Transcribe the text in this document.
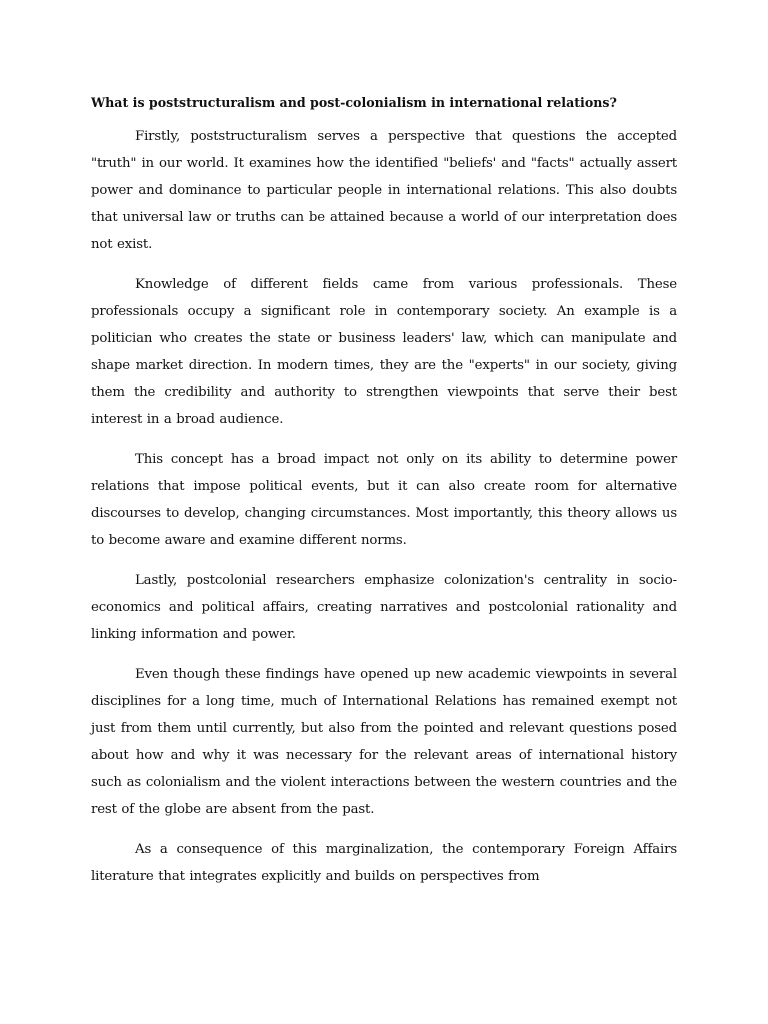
What is poststructuralism and post-colonialism in international relations?

Firstly, poststructuralism serves a perspective that questions the accepted "truth" in our world. It examines how the identified "beliefs' and "facts" actually assert power and dominance to particular people in international relations. This also doubts that universal law or truths can be attained because a world of our interpretation does not exist.

Knowledge of different fields came from various professionals. These professionals occupy a significant role in contemporary society. An example is a politician who creates the state or business leaders' law, which can manipulate and shape market direction. In modern times, they are the "experts" in our society, giving them the credibility and authority to strengthen viewpoints that serve their best interest in a broad audience.

This concept has a broad impact not only on its ability to determine power relations that impose political events, but it can also create room for alternative discourses to develop, changing circumstances. Most importantly, this theory allows us to become aware and examine different norms.

Lastly, postcolonial researchers emphasize colonization's centrality in socio-economics and political affairs, creating narratives and postcolonial rationality and linking information and power.

Even though these findings have opened up new academic viewpoints in several disciplines for a long time, much of International Relations has remained exempt not just from them until currently, but also from the pointed and relevant questions posed about how and why it was necessary for the relevant areas of international history such as colonialism and the violent interactions between the western countries and the rest of the globe are absent from the past.

As a consequence of this marginalization, the contemporary Foreign Affairs literature that integrates explicitly and builds on perspectives from
